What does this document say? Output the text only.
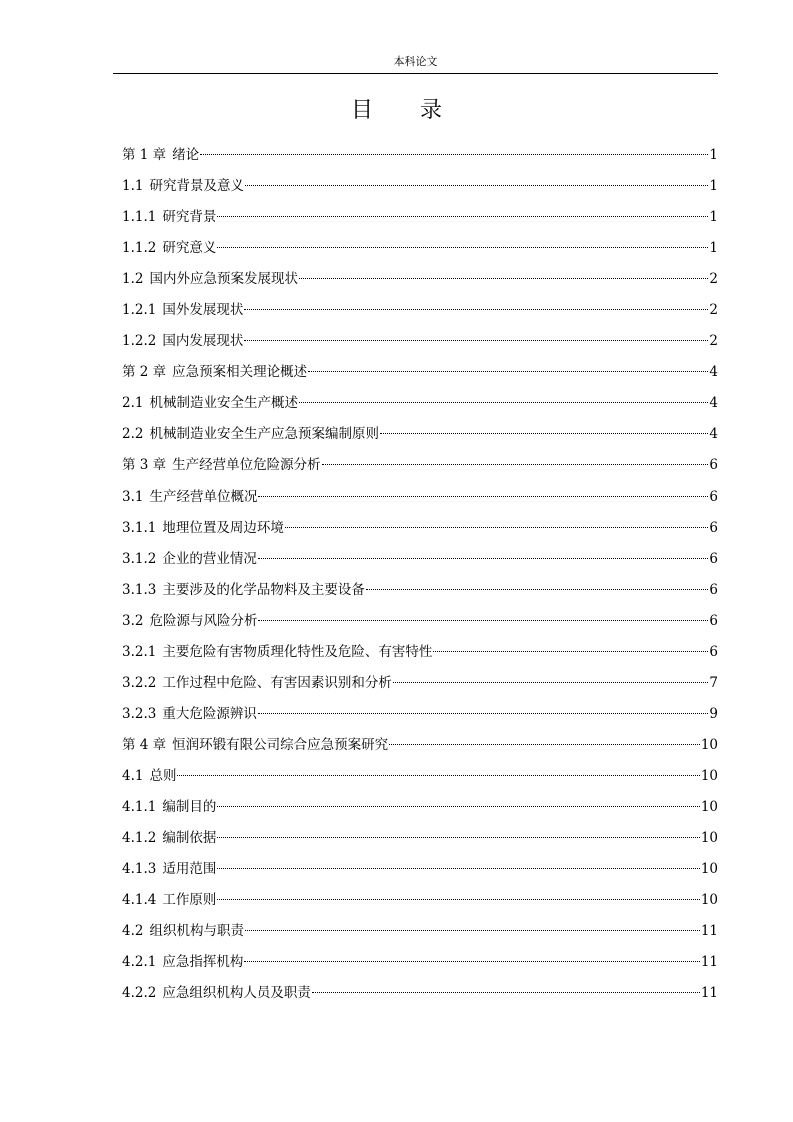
本科论文
目 录
第 1 章 绪论	1
1.1 研究背景及意义	1
1.1.1 研究背景	1
1.1.2 研究意义	1
1.2 国内外应急预案发展现状	2
1.2.1 国外发展现状	2
1.2.2 国内发展现状	2
第 2 章 应急预案相关理论概述	4
2.1 机械制造业安全生产概述	4
2.2 机械制造业安全生产应急预案编制原则	4
第 3 章 生产经营单位危险源分析	6
3.1 生产经营单位概况	6
3.1.1 地理位置及周边环境	6
3.1.2 企业的营业情况	6
3.1.3 主要涉及的化学品物料及主要设备	6
3.2 危险源与风险分析	6
3.2.1 主要危险有害物质理化特性及危险、有害特性	6
3.2.2 工作过程中危险、有害因素识别和分析	7
3.2.3 重大危险源辨识	9
第 4 章 恒润环锻有限公司综合应急预案研究	10
4.1 总则	10
4.1.1 编制目的	10
4.1.2 编制依据	10
4.1.3 适用范围	10
4.1.4 工作原则	10
4.2 组织机构与职责	11
4.2.1 应急指挥机构	11
4.2.2 应急组织机构人员及职责	11
